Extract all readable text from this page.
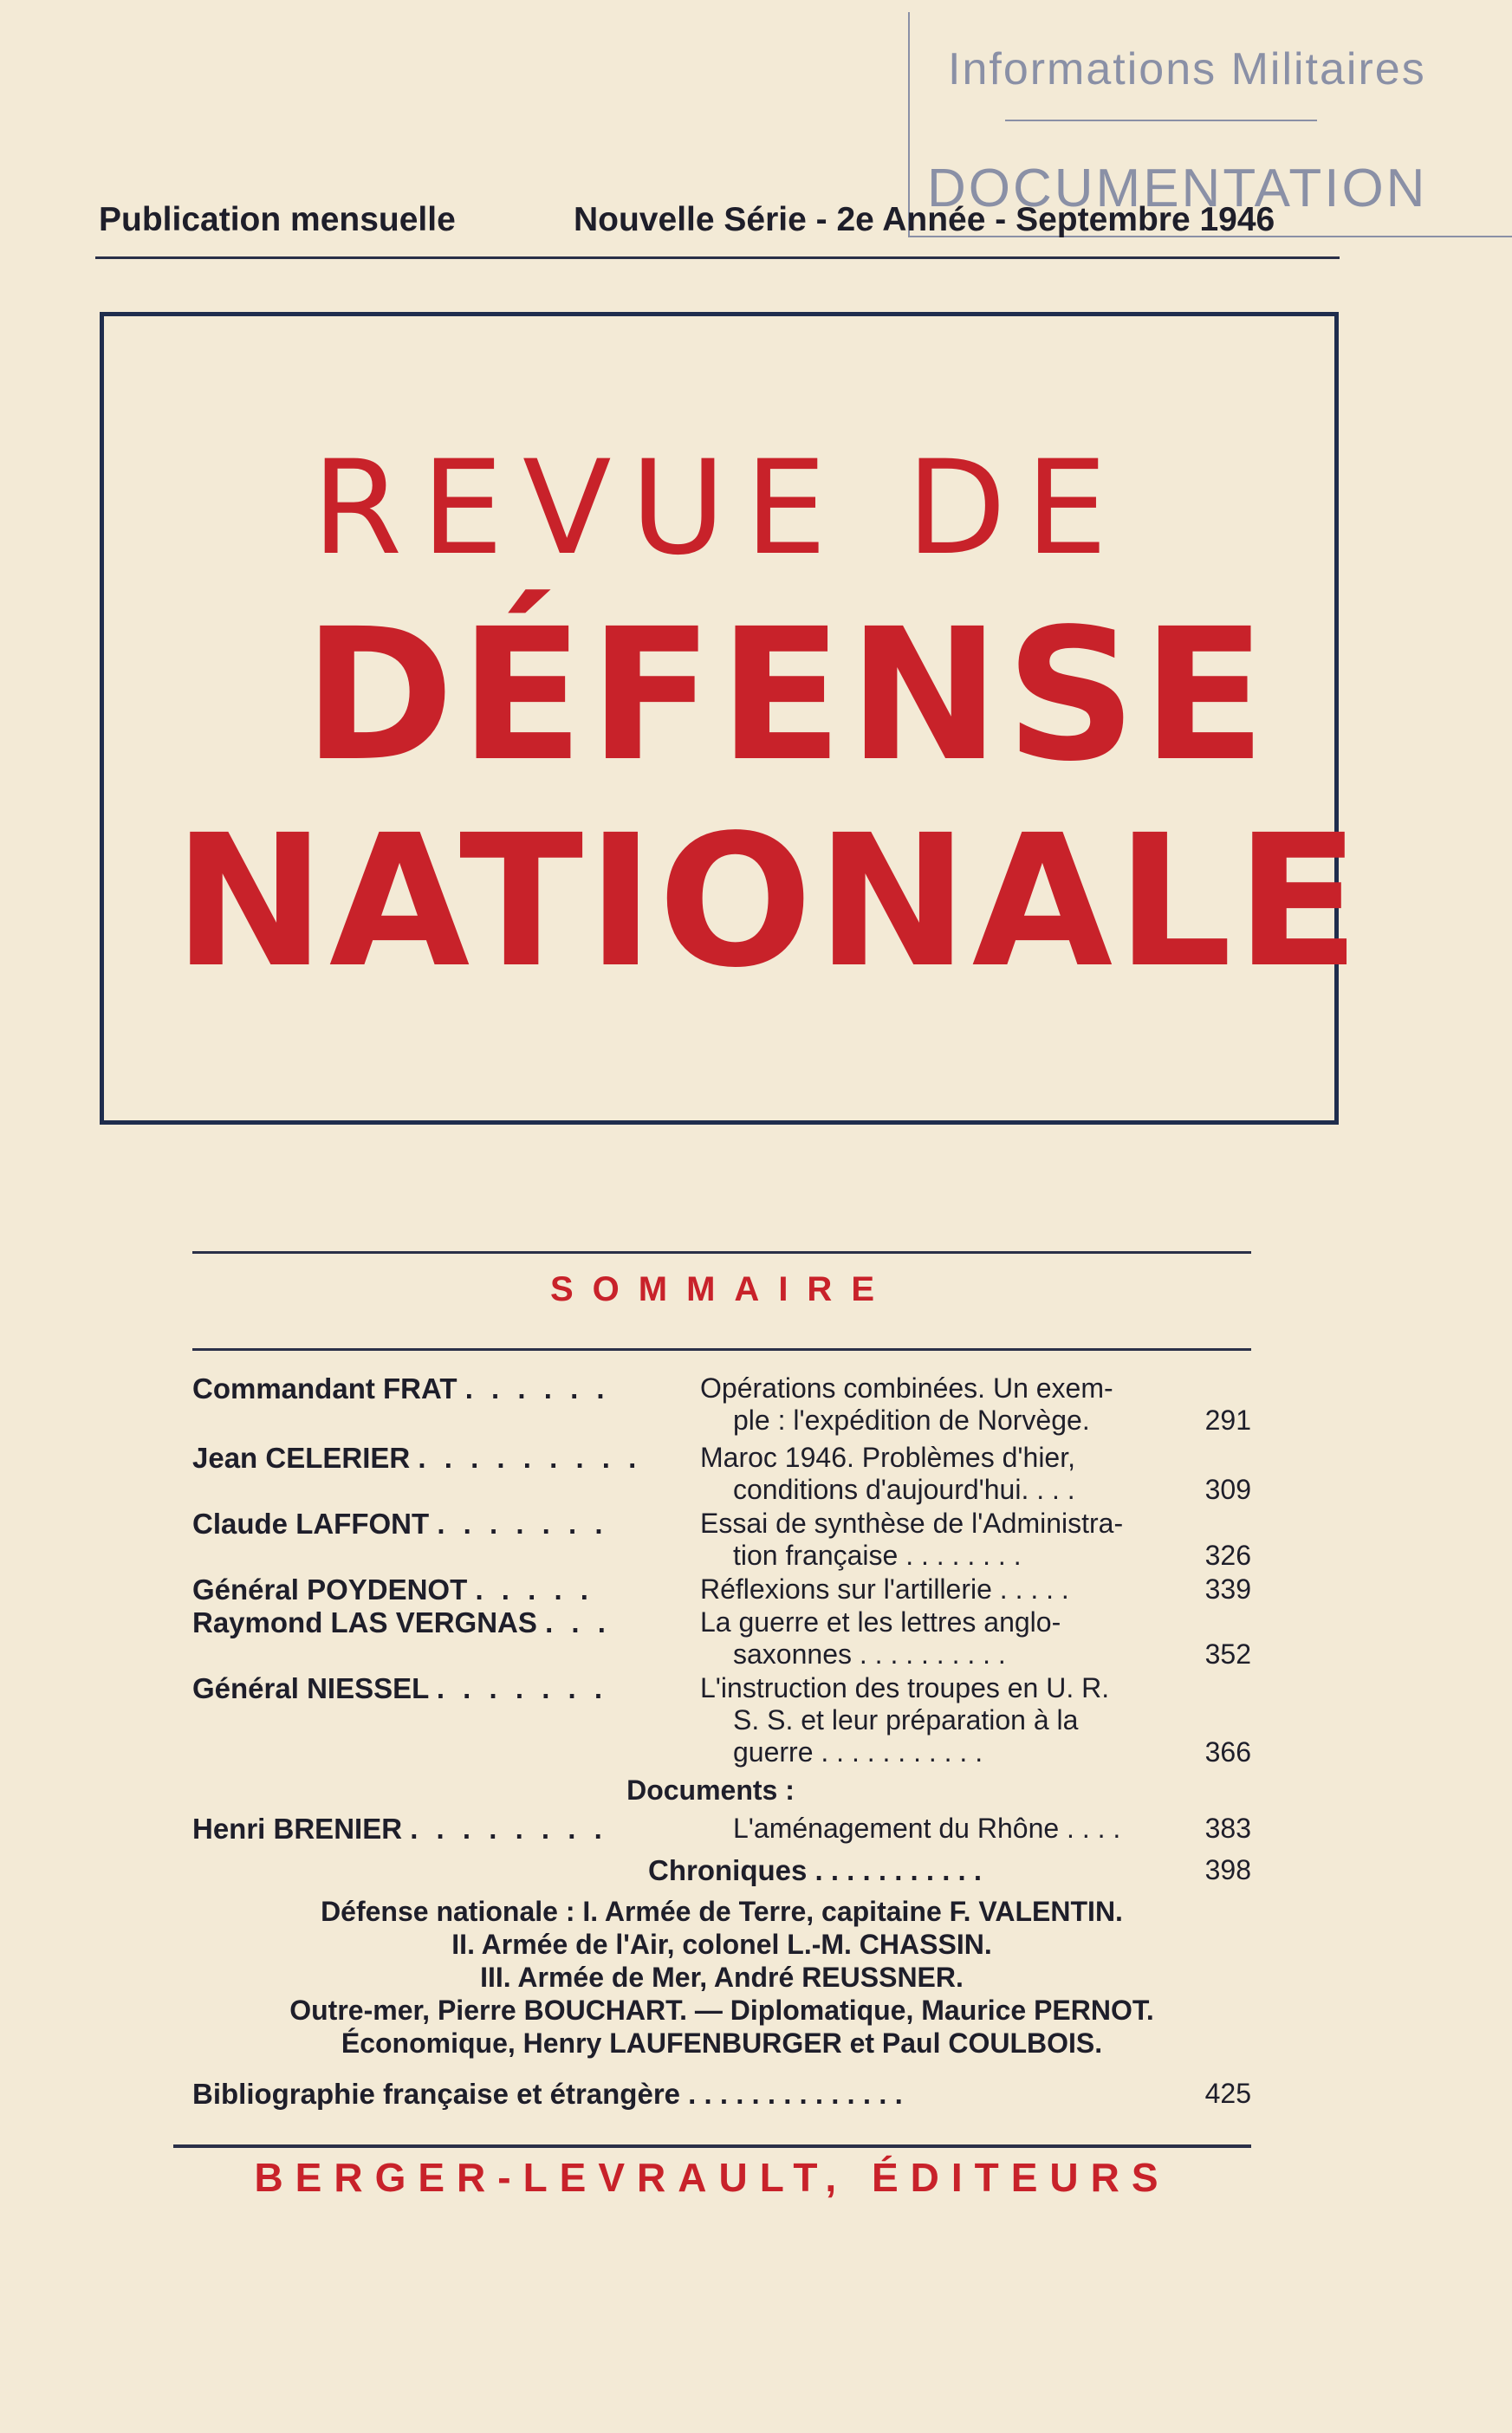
Informations Militaires
DOCUMENTATION
Publication mensuelle	Nouvelle Série - 2e Année - Septembre 1946
REVUE DE
DÉFENSE
NATIONALE
SOMMAIRE
Commandant FRAT . . . . . .	Opérations combinées. Un exem-
ple : l'expédition de Norvège.	291
Jean CELERIER . . . . . . . . . Maroc 1946. Problèmes d'hier,
conditions d'aujourd'hui. . . .	309
Claude LAFFONT . . . . . . .	Essai de synthèse de l'Administra-
tion française . . . . . . . .	326
Général POYDENOT . . . . .	Réflexions sur l'artillerie . . . . .	339
Raymond LAS VERGNAS . . .	La guerre et les lettres anglo-
saxonnes . . . . . . . . . .	352
Général NIESSEL . . . . . . .	L'instruction des troupes en U. R.
S. S. et leur préparation à la
guerre . . . . . . . . . . .	366
Documents :
Henri BRENIER . . . . . . . .	L'aménagement du Rhône . . . .	383
Chroniques . . . . . . . . . . .	398
Défense nationale : I. Armée de Terre, capitaine F. VALENTIN.
II. Armée de l'Air, colonel L.-M. CHASSIN.
III. Armée de Mer, André REUSSNER.
Outre-mer, Pierre BOUCHART. — Diplomatique, Maurice PERNOT.
Économique, Henry LAUFENBURGER et Paul COULBOIS.
Bibliographie française et étrangère . . . . . . . . . . . . . .	425
BERGER-LEVRAULT, ÉDITEURS
